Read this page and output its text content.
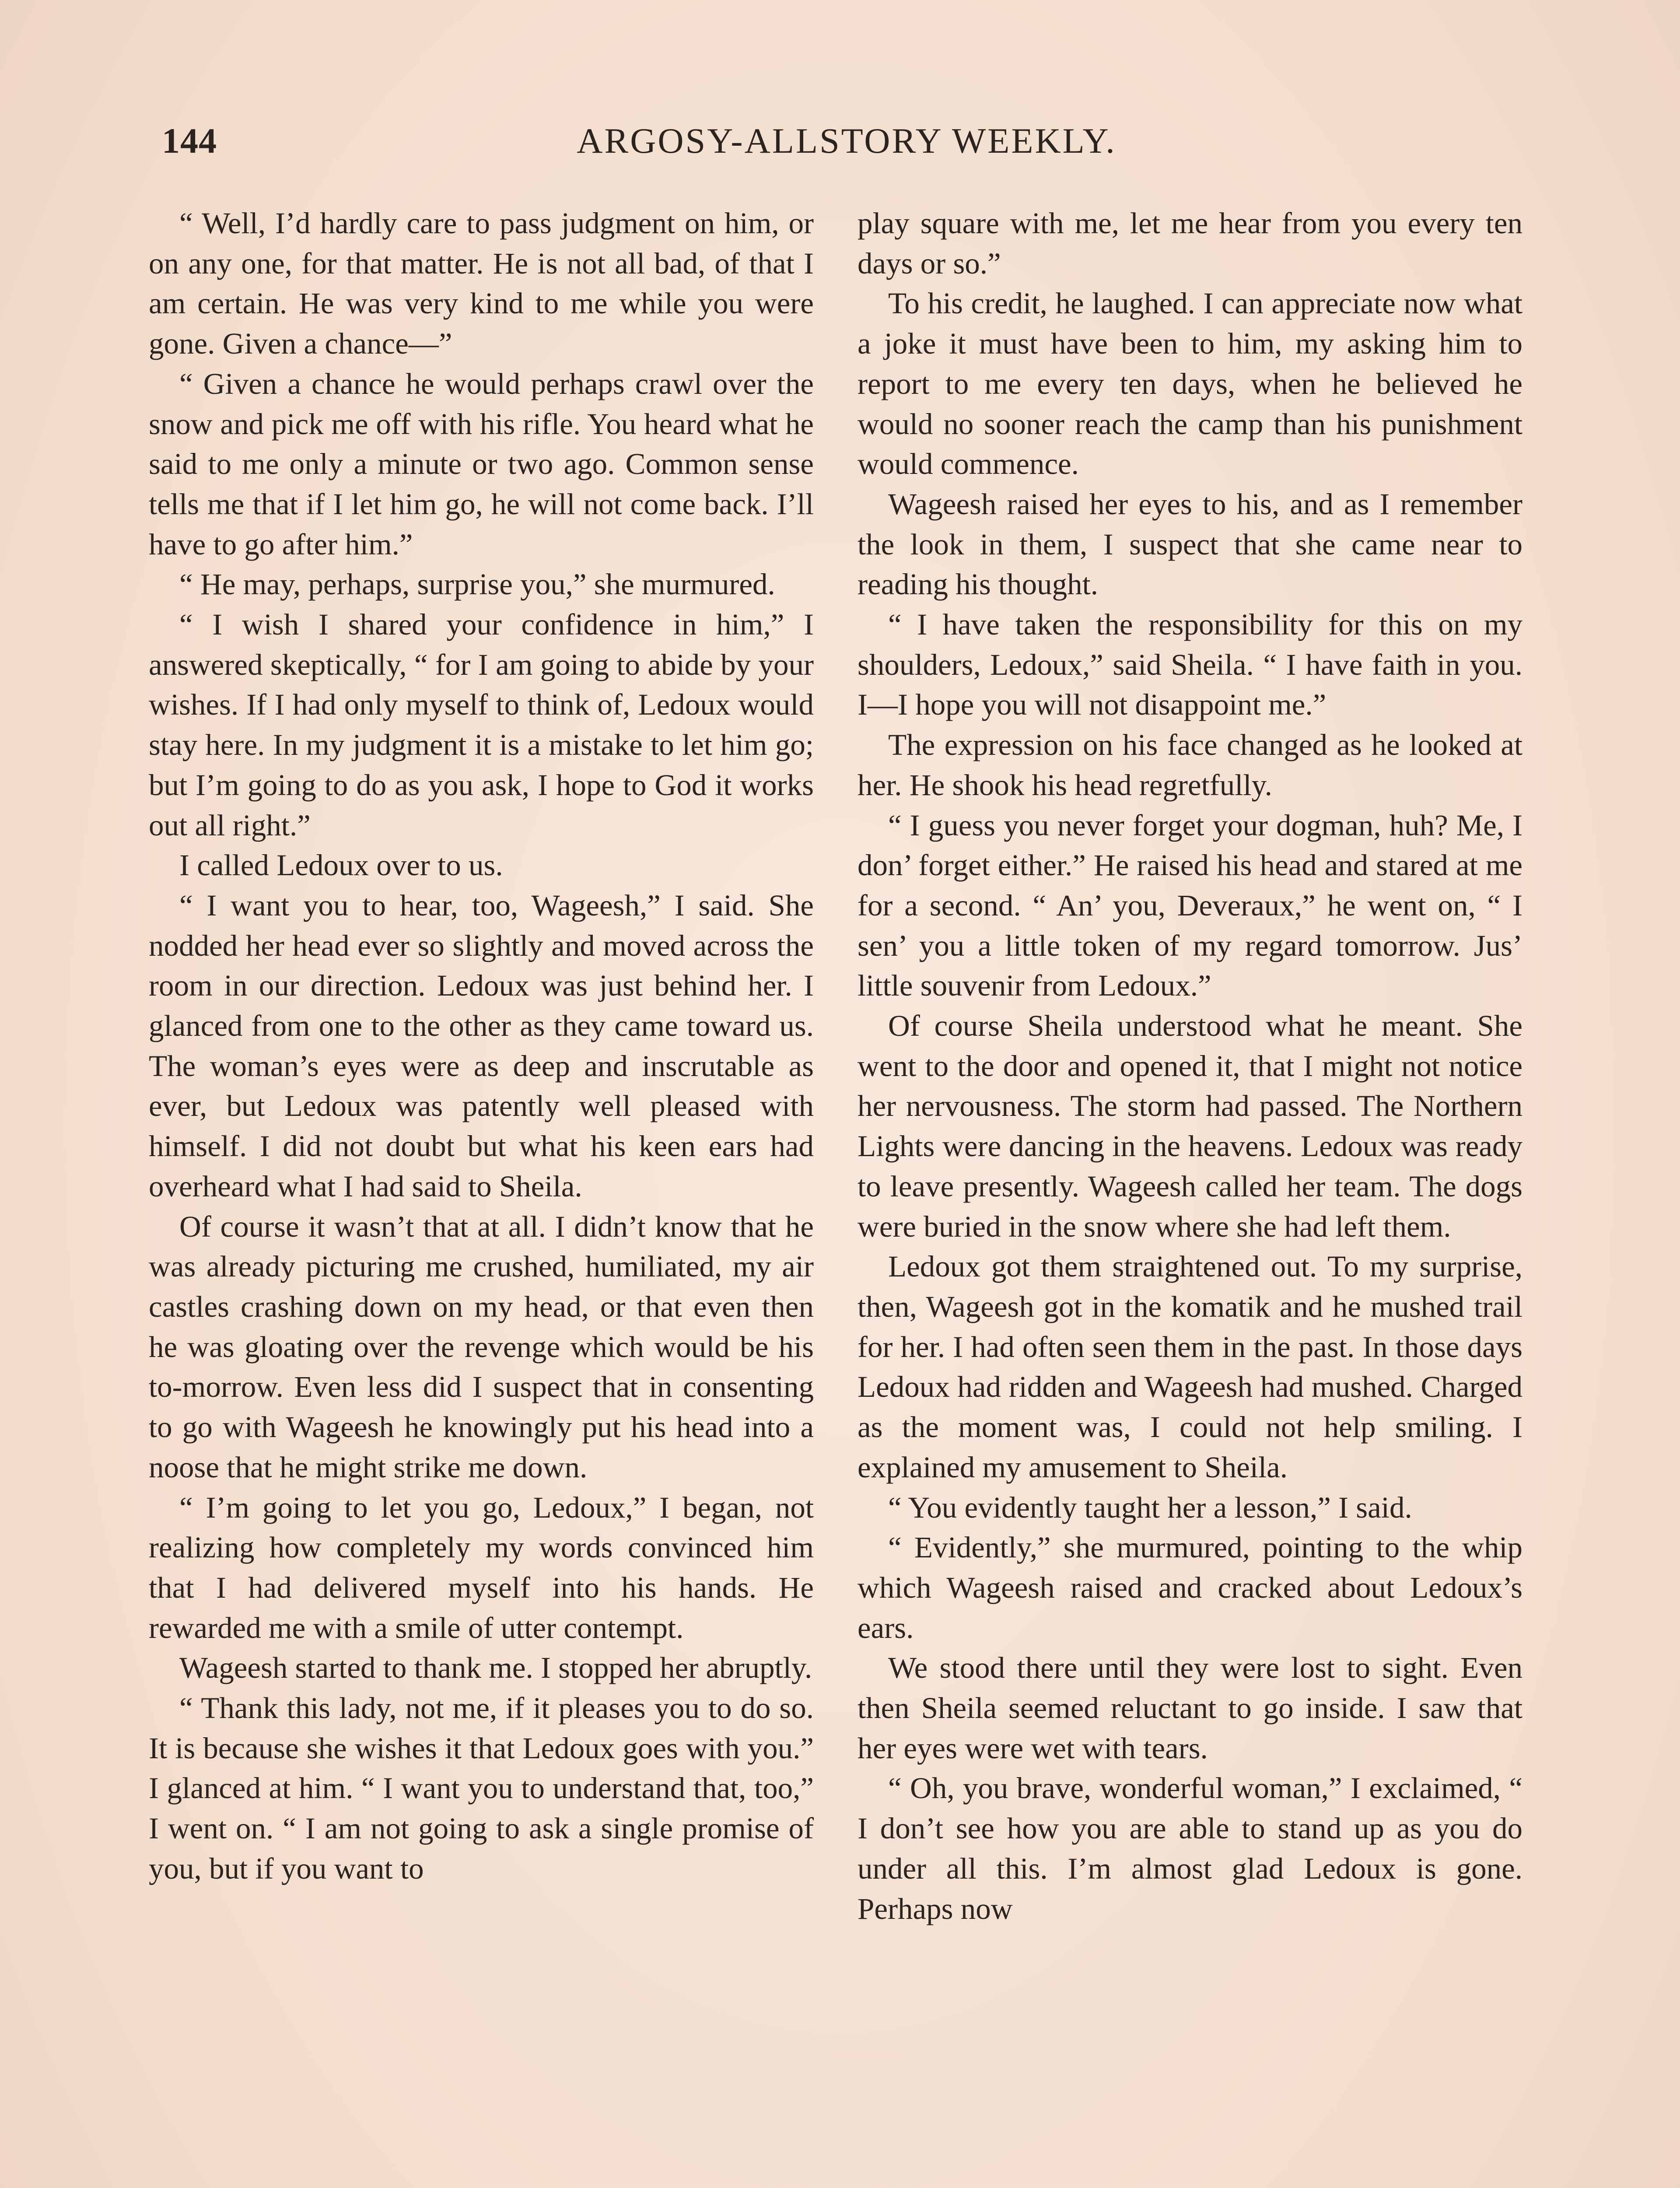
144	ARGOSY-ALLSTORY WEEKLY.

“ Well, I’d hardly care to pass judgment on him, or on any one, for that matter. He is not all bad, of that I am certain. He was very kind to me while you were gone. Given a chance—”

“ Given a chance he would perhaps crawl over the snow and pick me off with his rifle. You heard what he said to me only a minute or two ago. Common sense tells me that if I let him go, he will not come back. I’ll have to go after him.”

“ He may, perhaps, surprise you,” she murmured.

“ I wish I shared your confidence in him,” I answered skeptically, “ for I am going to abide by your wishes. If I had only myself to think of, Ledoux would stay here. In my judgment it is a mistake to let him go; but I’m going to do as you ask, I hope to God it works out all right.”

I called Ledoux over to us.

“ I want you to hear, too, Wageesh,” I said. She nodded her head ever so slightly and moved across the room in our direction. Ledoux was just behind her. I glanced from one to the other as they came toward us. The woman’s eyes were as deep and inscrutable as ever, but Ledoux was patently well pleased with himself. I did not doubt but what his keen ears had overheard what I had said to Sheila.

Of course it wasn’t that at all. I didn’t know that he was already picturing me crushed, humiliated, my air castles crashing down on my head, or that even then he was gloating over the revenge which would be his to-morrow. Even less did I suspect that in consenting to go with Wageesh he knowingly put his head into a noose that he might strike me down.

“ I’m going to let you go, Ledoux,” I began, not realizing how completely my words convinced him that I had delivered myself into his hands. He rewarded me with a smile of utter contempt.

Wageesh started to thank me. I stopped her abruptly.

“ Thank this lady, not me, if it pleases you to do so. It is because she wishes it that Ledoux goes with you.” I glanced at him. “ I want you to understand that, too,” I went on. “ I am not going to ask a single promise of you, but if you want to

play square with me, let me hear from you every ten days or so.”

To his credit, he laughed. I can appreciate now what a joke it must have been to him, my asking him to report to me every ten days, when he believed he would no sooner reach the camp than his punishment would commence.

Wageesh raised her eyes to his, and as I remember the look in them, I suspect that she came near to reading his thought.

“ I have taken the responsibility for this on my shoulders, Ledoux,” said Sheila. “ I have faith in you. I—I hope you will not disappoint me.”

The expression on his face changed as he looked at her. He shook his head regretfully.

“ I guess you never forget your dogman, huh? Me, I don’ forget either.” He raised his head and stared at me for a second. “ An’ you, Deveraux,” he went on, “ I sen’ you a little token of my regard tomorrow. Jus’ little souvenir from Ledoux.”

Of course Sheila understood what he meant. She went to the door and opened it, that I might not notice her nervousness. The storm had passed. The Northern Lights were dancing in the heavens. Ledoux was ready to leave presently. Wageesh called her team. The dogs were buried in the snow where she had left them.

Ledoux got them straightened out. To my surprise, then, Wageesh got in the komatik and he mushed trail for her. I had often seen them in the past. In those days Ledoux had ridden and Wageesh had mushed. Charged as the moment was, I could not help smiling. I explained my amusement to Sheila.

“ You evidently taught her a lesson,” I said.

“ Evidently,” she murmured, pointing to the whip which Wageesh raised and cracked about Ledoux’s ears.

We stood there until they were lost to sight. Even then Sheila seemed reluctant to go inside. I saw that her eyes were wet with tears.

“ Oh, you brave, wonderful woman,” I exclaimed, “ I don’t see how you are able to stand up as you do under all this. I’m almost glad Ledoux is gone. Perhaps now
